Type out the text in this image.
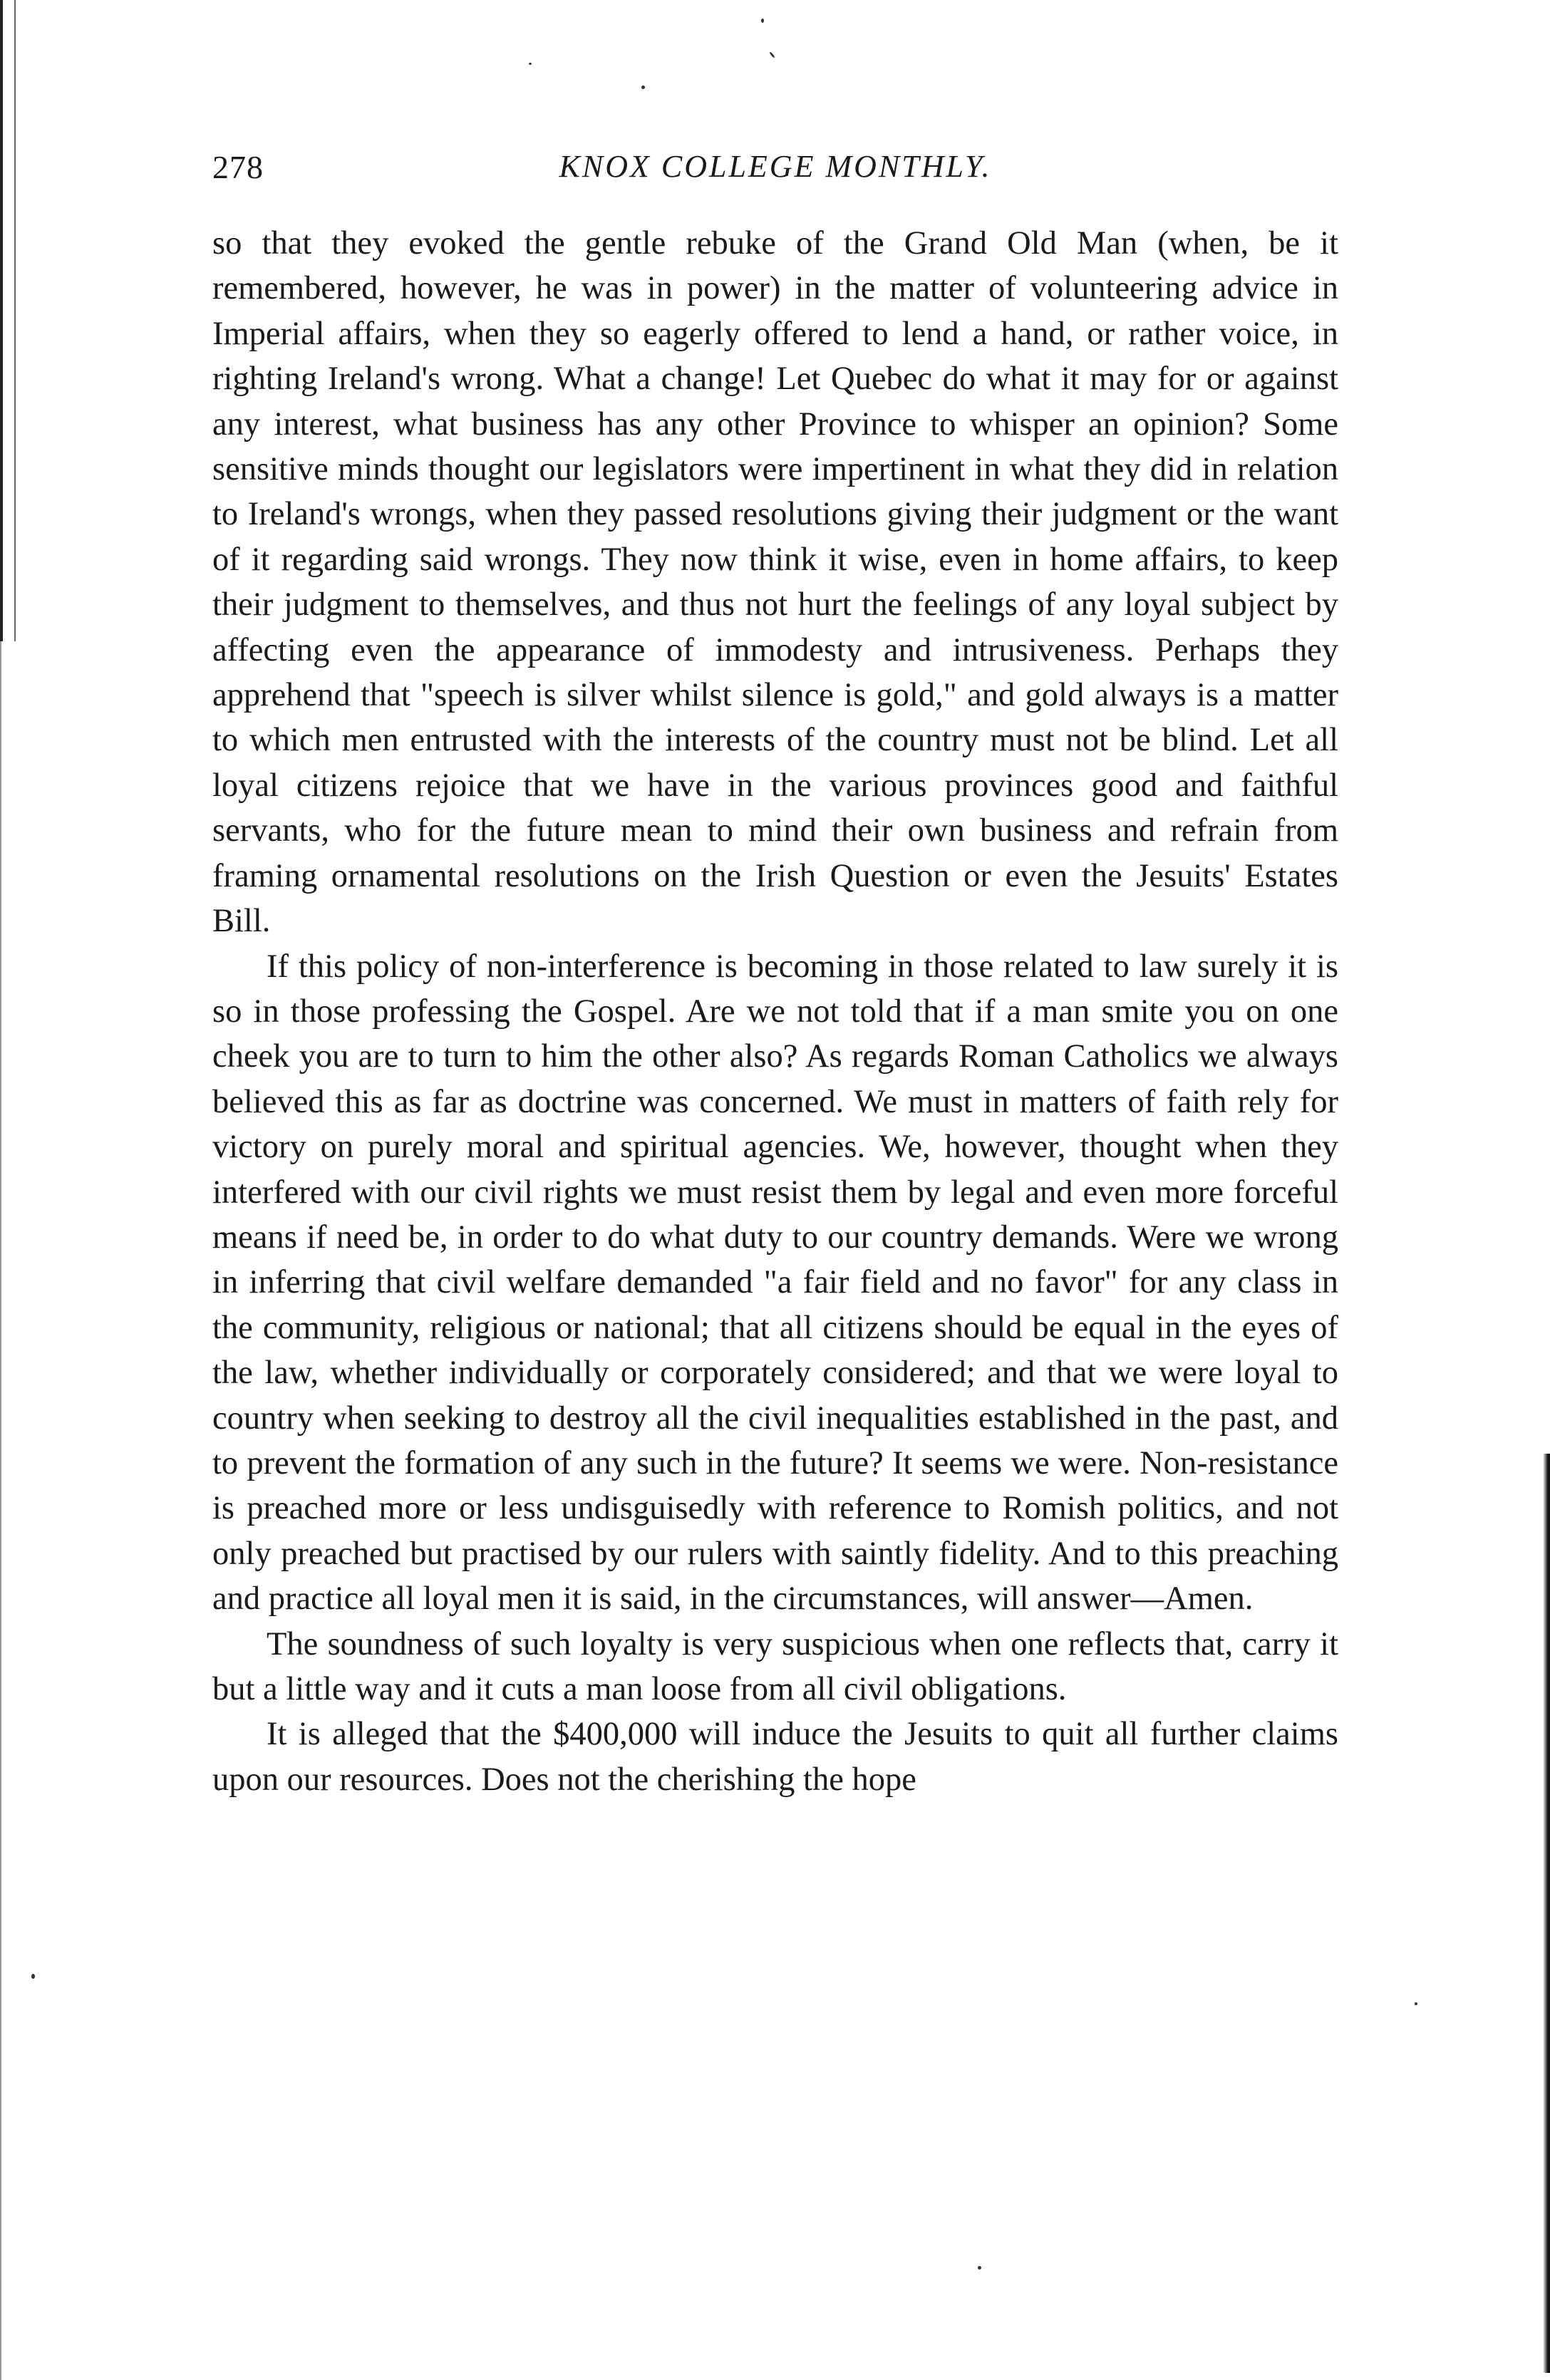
278	KNOX COLLEGE MONTHLY.

so that they evoked the gentle rebuke of the Grand Old Man (when, be it remembered, however, he was in power) in the matter of volunteering advice in Imperial affairs, when they so eagerly offered to lend a hand, or rather voice, in righting Ireland's wrong. What a change! Let Quebec do what it may for or against any interest, what business has any other Province to whisper an opinion? Some sensitive minds thought our legislators were impertinent in what they did in relation to Ireland's wrongs, when they passed resolutions giving their judgment or the want of it regarding said wrongs. They now think it wise, even in home affairs, to keep their judgment to themselves, and thus not hurt the feelings of any loyal subject by affecting even the appearance of immodesty and intrusiveness. Perhaps they apprehend that "speech is silver whilst silence is gold," and gold always is a matter to which men entrusted with the interests of the country must not be blind. Let all loyal citizens rejoice that we have in the various provinces good and faithful servants, who for the future mean to mind their own business and refrain from framing ornamental resolutions on the Irish Question or even the Jesuits' Estates Bill.

If this policy of non-interference is becoming in those related to law surely it is so in those professing the Gospel. Are we not told that if a man smite you on one cheek you are to turn to him the other also? As regards Roman Catholics we always believed this as far as doctrine was concerned. We must in matters of faith rely for victory on purely moral and spiritual agencies. We, however, thought when they interfered with our civil rights we must resist them by legal and even more forceful means if need be, in order to do what duty to our country demands. Were we wrong in inferring that civil welfare demanded "a fair field and no favor" for any class in the community, religious or national; that all citizens should be equal in the eyes of the law, whether individually or corporately considered; and that we were loyal to country when seeking to destroy all the civil inequalities established in the past, and to prevent the formation of any such in the future? It seems we were. Non-resistance is preached more or less undisguisedly with reference to Romish politics, and not only preached but practised by our rulers with saintly fidelity. And to this preaching and practice all loyal men it is said, in the circumstances, will answer—Amen.

The soundness of such loyalty is very suspicious when one reflects that, carry it but a little way and it cuts a man loose from all civil obligations.

It is alleged that the $400,000 will induce the Jesuits to quit all further claims upon our resources. Does not the cherishing the hope
